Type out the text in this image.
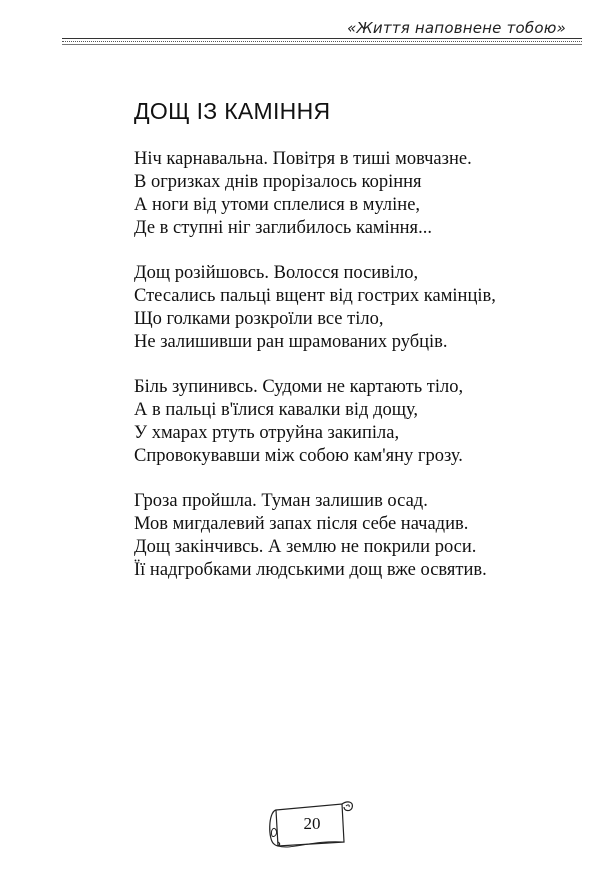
«Життя наповнене тобою»
ДОЩ ІЗ КАМІННЯ
Ніч карнавальна. Повітря в тиші мовчазне.
В огризках днів прорізалось коріння
А ноги від утоми сплелися в муліне,
Де в ступні ніг заглибилось каміння...
Дощ розійшовсь. Волосся посивіло,
Стесались пальці вщент від гострих камінців,
Що голками розкроїли все тіло,
Не залишивши ран шрамованих рубців.
Біль зупинивсь. Судоми не картають тіло,
А в пальці в'їлися кавалки від дощу,
У хмарах ртуть отруйна закипіла,
Спровокувавши між собою кам'яну грозу.
Гроза пройшла. Туман залишив осад.
Мов мигдалевий запах після себе начадив.
Дощ закінчивсь. А землю не покрили роси.
Її надгробками людськими дощ вже освятив.
20
